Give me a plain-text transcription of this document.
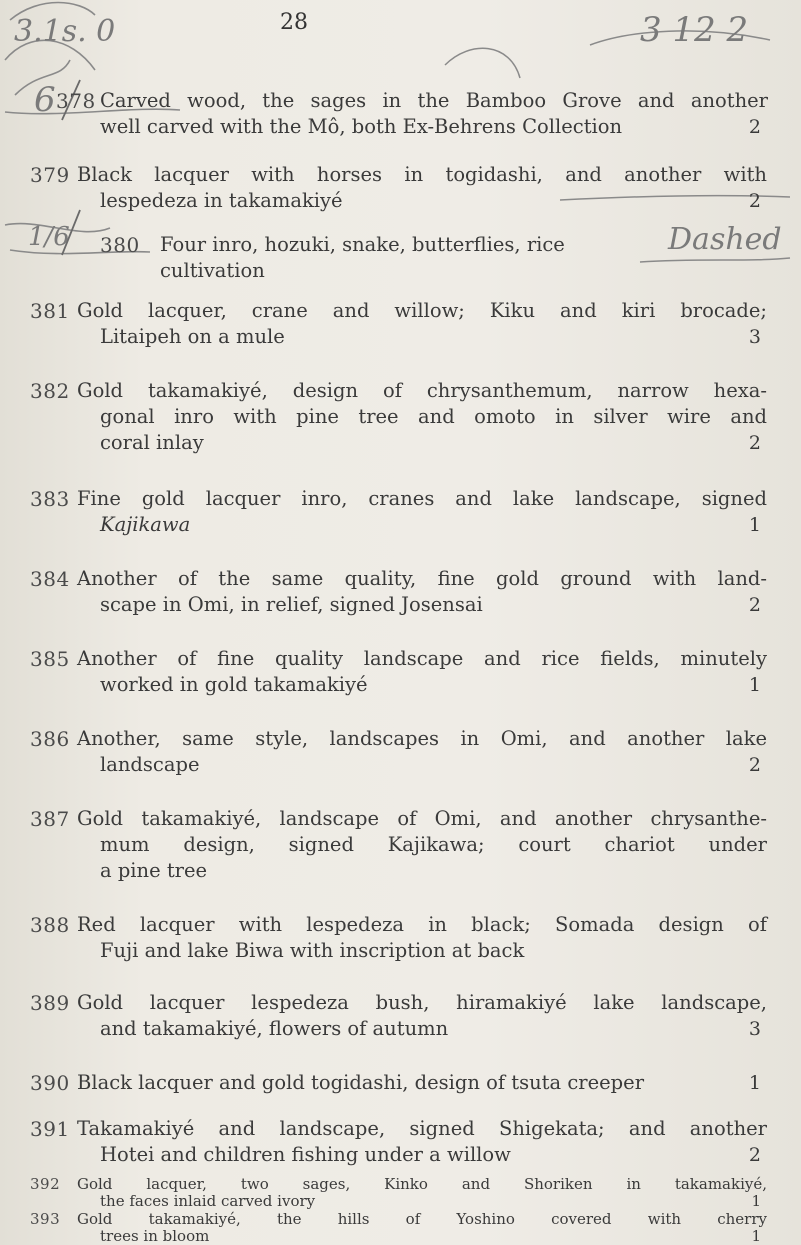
3.1s. 0
6
3 12 2
1/6	Dashed
28
378 Carved wood, the sages in the Bamboo Grove and another
well carved with the Mô, both Ex-Behrens Collection	2
379 Black lacquer with horses in togidashi, and another with
lespedeza in takamakiyé	2
380 Four inro, hozuki, snake, butterflies, rice cultivation
381 Gold lacquer, crane and willow; Kiku and kiri brocade;
Litaipeh on a mule	3
382 Gold takamakiyé, design of chrysanthemum, narrow hexa-
gonal inro with pine tree and omoto in silver wire and
coral inlay	2
383 Fine gold lacquer inro, cranes and lake landscape, signed
Kajikawa	1
384 Another of the same quality, fine gold ground with land-
scape in Omi, in relief, signed Josensai	2
385 Another of fine quality landscape and rice fields, minutely
worked in gold takamakiyé	1
386 Another, same style, landscapes in Omi, and another lake
landscape	2
387 Gold takamakiyé, landscape of Omi, and another chrysanthe-
mum design, signed Kajikawa; court chariot under
a pine tree
388 Red lacquer with lespedeza in black; Somada design of
Fuji and lake Biwa with inscription at back
389 Gold lacquer lespedeza bush, hiramakiyé lake landscape,
and takamakiyé, flowers of autumn	3
390 Black lacquer and gold togidashi, design of tsuta creeper	1
391 Takamakiyé and landscape, signed Shigekata; and another
Hotei and children fishing under a willow	2
392 Gold lacquer, two sages, Kinko and Shoriken in takamakiyé,
the faces inlaid carved ivory	1
393 Gold takamakiyé, the hills of Yoshino covered with cherry
trees in bloom	1
